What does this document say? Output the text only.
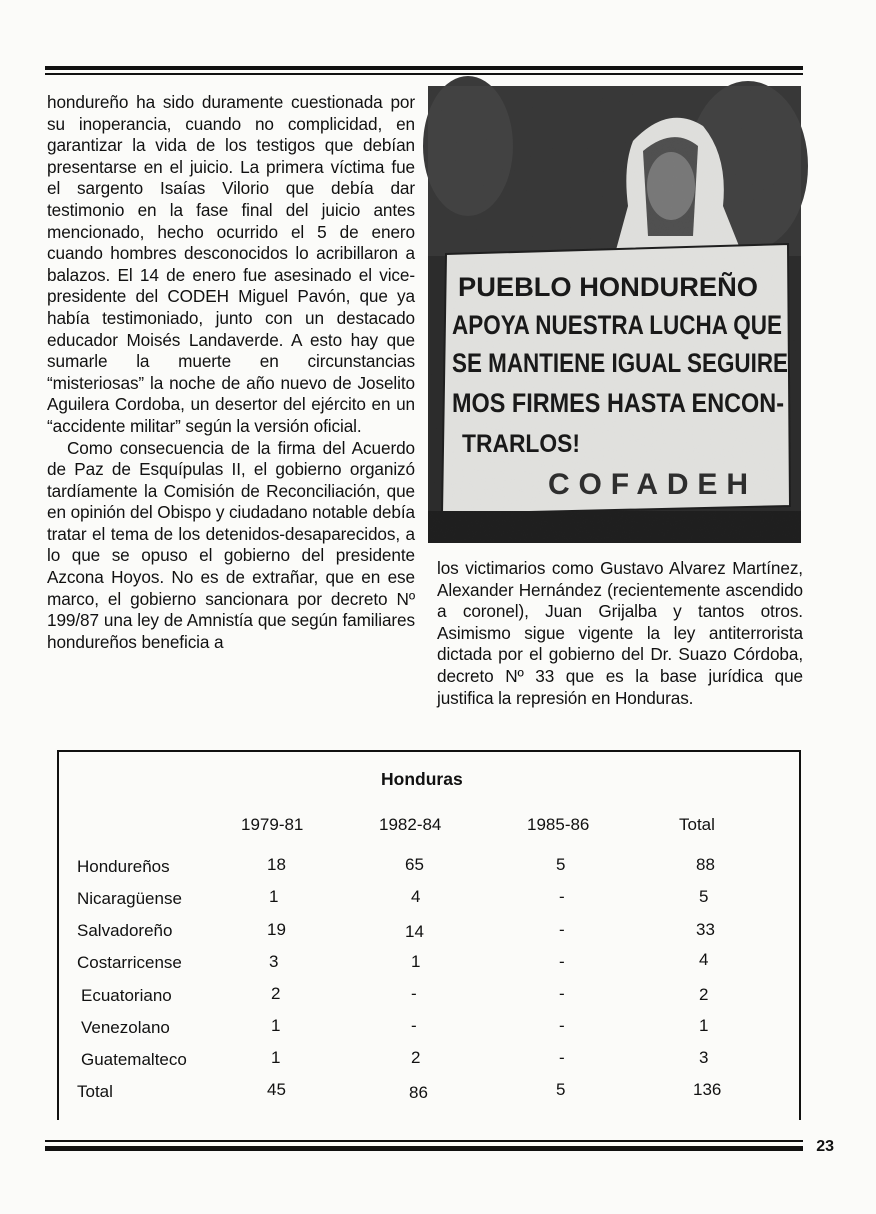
hondureño ha sido duramente cuestionada por su inoperancia, cuando no complicidad, en garantizar la vida de los testigos que debían presentarse en el juicio. La primera víctima fue el sargento Isaías Vilorio que debía dar testimonio en la fase final del juicio antes mencionado, hecho ocurrido el 5 de enero cuando hombres desconocidos lo acribillaron a balazos. El 14 de enero fue asesinado el vice-presidente del CODEH Miguel Pavón, que ya había testimoniado, junto con un destacado educador Moisés Landaverde. A esto hay que sumarle la muerte en circunstancias “misteriosas” la noche de año nuevo de Joselito Aguilera Cordoba, un desertor del ejército en un “accidente militar” según la versión oficial.

Como consecuencia de la firma del Acuerdo de Paz de Esquípulas II, el gobierno organizó tardíamente la Comisión de Reconciliación, que en opinión del Obispo y ciudadano notable debía tratar el tema de los detenidos-desaparecidos, a lo que se opuso el gobierno del presidente Azcona Hoyos. No es de extrañar, que en ese marco, el gobierno sancionara por decreto Nº 199/87 una ley de Amnistía que según familiares hondureños beneficia a

PUEBLO HONDUREÑO
APOYA NUESTRA LUCHA QUE
SE MANTIENE IGUAL SEGUIRE
MOS FIRMES HASTA ENCON-
TRARLOS!
COFADEH

los victimarios como Gustavo Alvarez Martínez, Alexander Hernández (recientemente ascendido a coronel), Juan Grijalba y tantos otros. Asimismo sigue vigente la ley antiterrorista dictada por el gobierno del Dr. Suazo Córdoba, decreto Nº 33 que es la base jurídica que justifica la represión en Honduras.

Honduras
1979-81	1982-84	1985-86	Total
Hondureños	18	65	5	88
Nicaragüense	1	4	-	5
Salvadoreño	19	14	-	33
Costarricense	3	1	-	4
Ecuatoriano	2	-	-	2
Venezolano	1	-	-	1
Guatemalteco	1	2	-	3
Total	45	86	5	136
23
